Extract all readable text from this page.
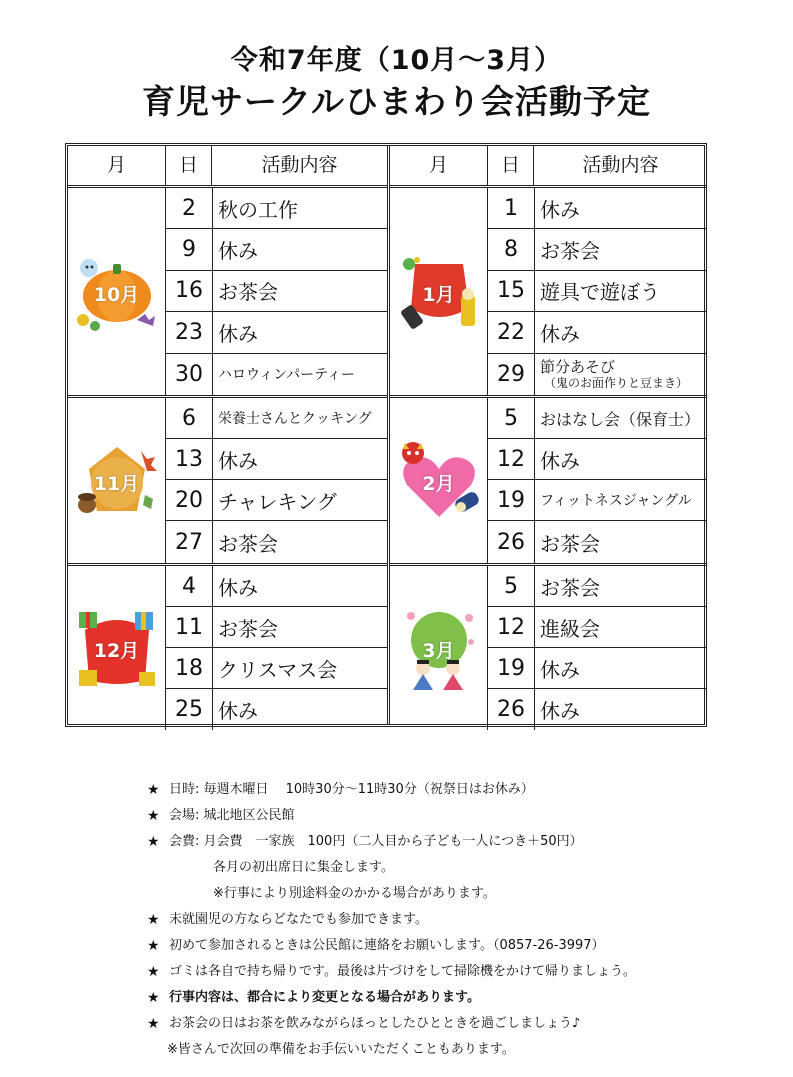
令和7年度（10月～3月）
育児サークルひまわり会活動予定
月	日	活動内容
10月
2	秋の工作
9	休み
16 お茶会
23 休み
30	ハロウィンパーティー
11月
6	栄養士さんとクッキング
13 休み
20 チャレキング
27 お茶会
12月
4	休み
11 お茶会
18 クリスマス会
25 休み
月	日	活動内容
1月
1	休み
8	お茶会
15 遊具で遊ぼう
22 休み
29	節分あそび
（鬼のお面作りと豆まき）
2月
5	おはなし会（保育士）
12 休み
19	フィットネスジャングル
26 お茶会
3月
5	お茶会
12 進級会
19 休み
26 休み
★ 日時: 毎週木曜日　 10時30分～11時30分（祝祭日はお休み）
★ 会場: 城北地区公民館
★ 会費: 月会費　一家族　100円（二人目から子ども一人につき＋50円）
各月の初出席日に集金します。
※行事により別途料金のかかる場合があります。
★ 未就園児の方ならどなたでも参加できます。
★ 初めて参加されるときは公民館に連絡をお願いします。（0857-26-3997）
★ ゴミは各自で持ち帰りです。最後は片づけをして掃除機をかけて帰りましょう。
★ 行事内容は、都合により変更となる場合があります。
★ お茶会の日はお茶を飲みながらほっとしたひとときを過ごしましょう♪
※皆さんで次回の準備をお手伝いいただくこともあります。
